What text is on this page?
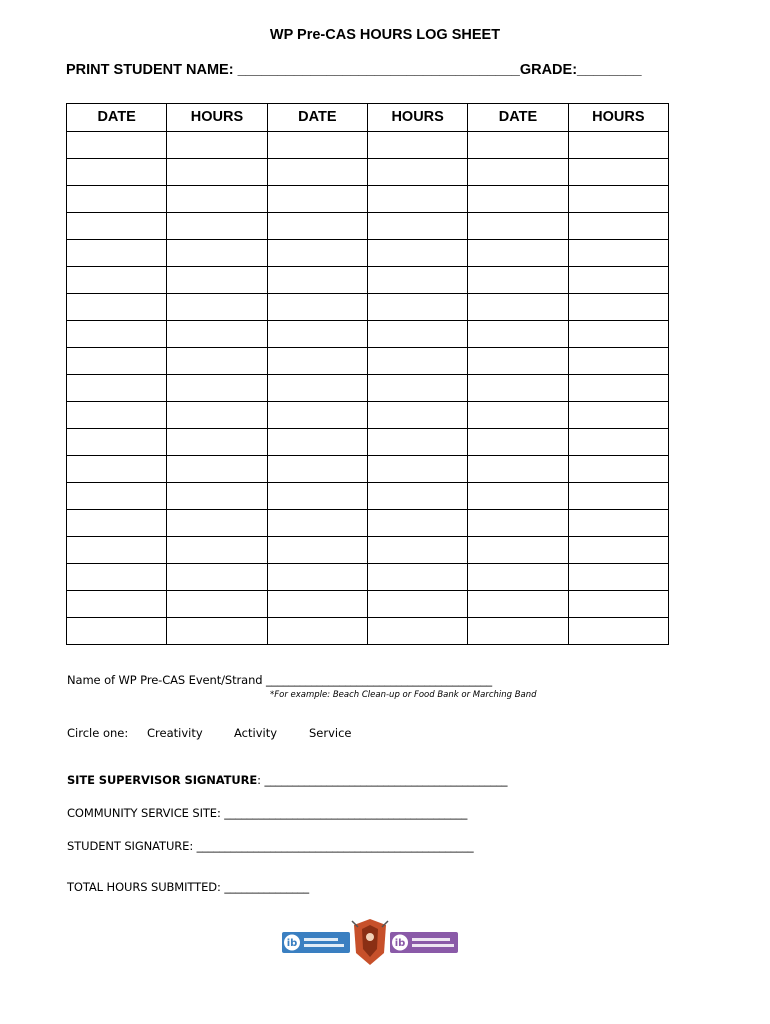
WP Pre-CAS HOURS LOG SHEET
PRINT STUDENT NAME: ___________________________________GRADE:________
DATE	HOURS	DATE	HOURS	DATE	HOURS

Name of WP Pre-CAS Event/Strand ________________________________________
*For example: Beach Clean-up or Food Bank or Marching Band
Circle one: Creativity	Activity	Service
SITE SUPERVISOR SIGNATURE: ___________________________________________
COMMUNITY SERVICE SITE: ___________________________________________
STUDENT SIGNATURE: _________________________________________________
TOTAL HOURS SUBMITTED: _______________
ib	ib
